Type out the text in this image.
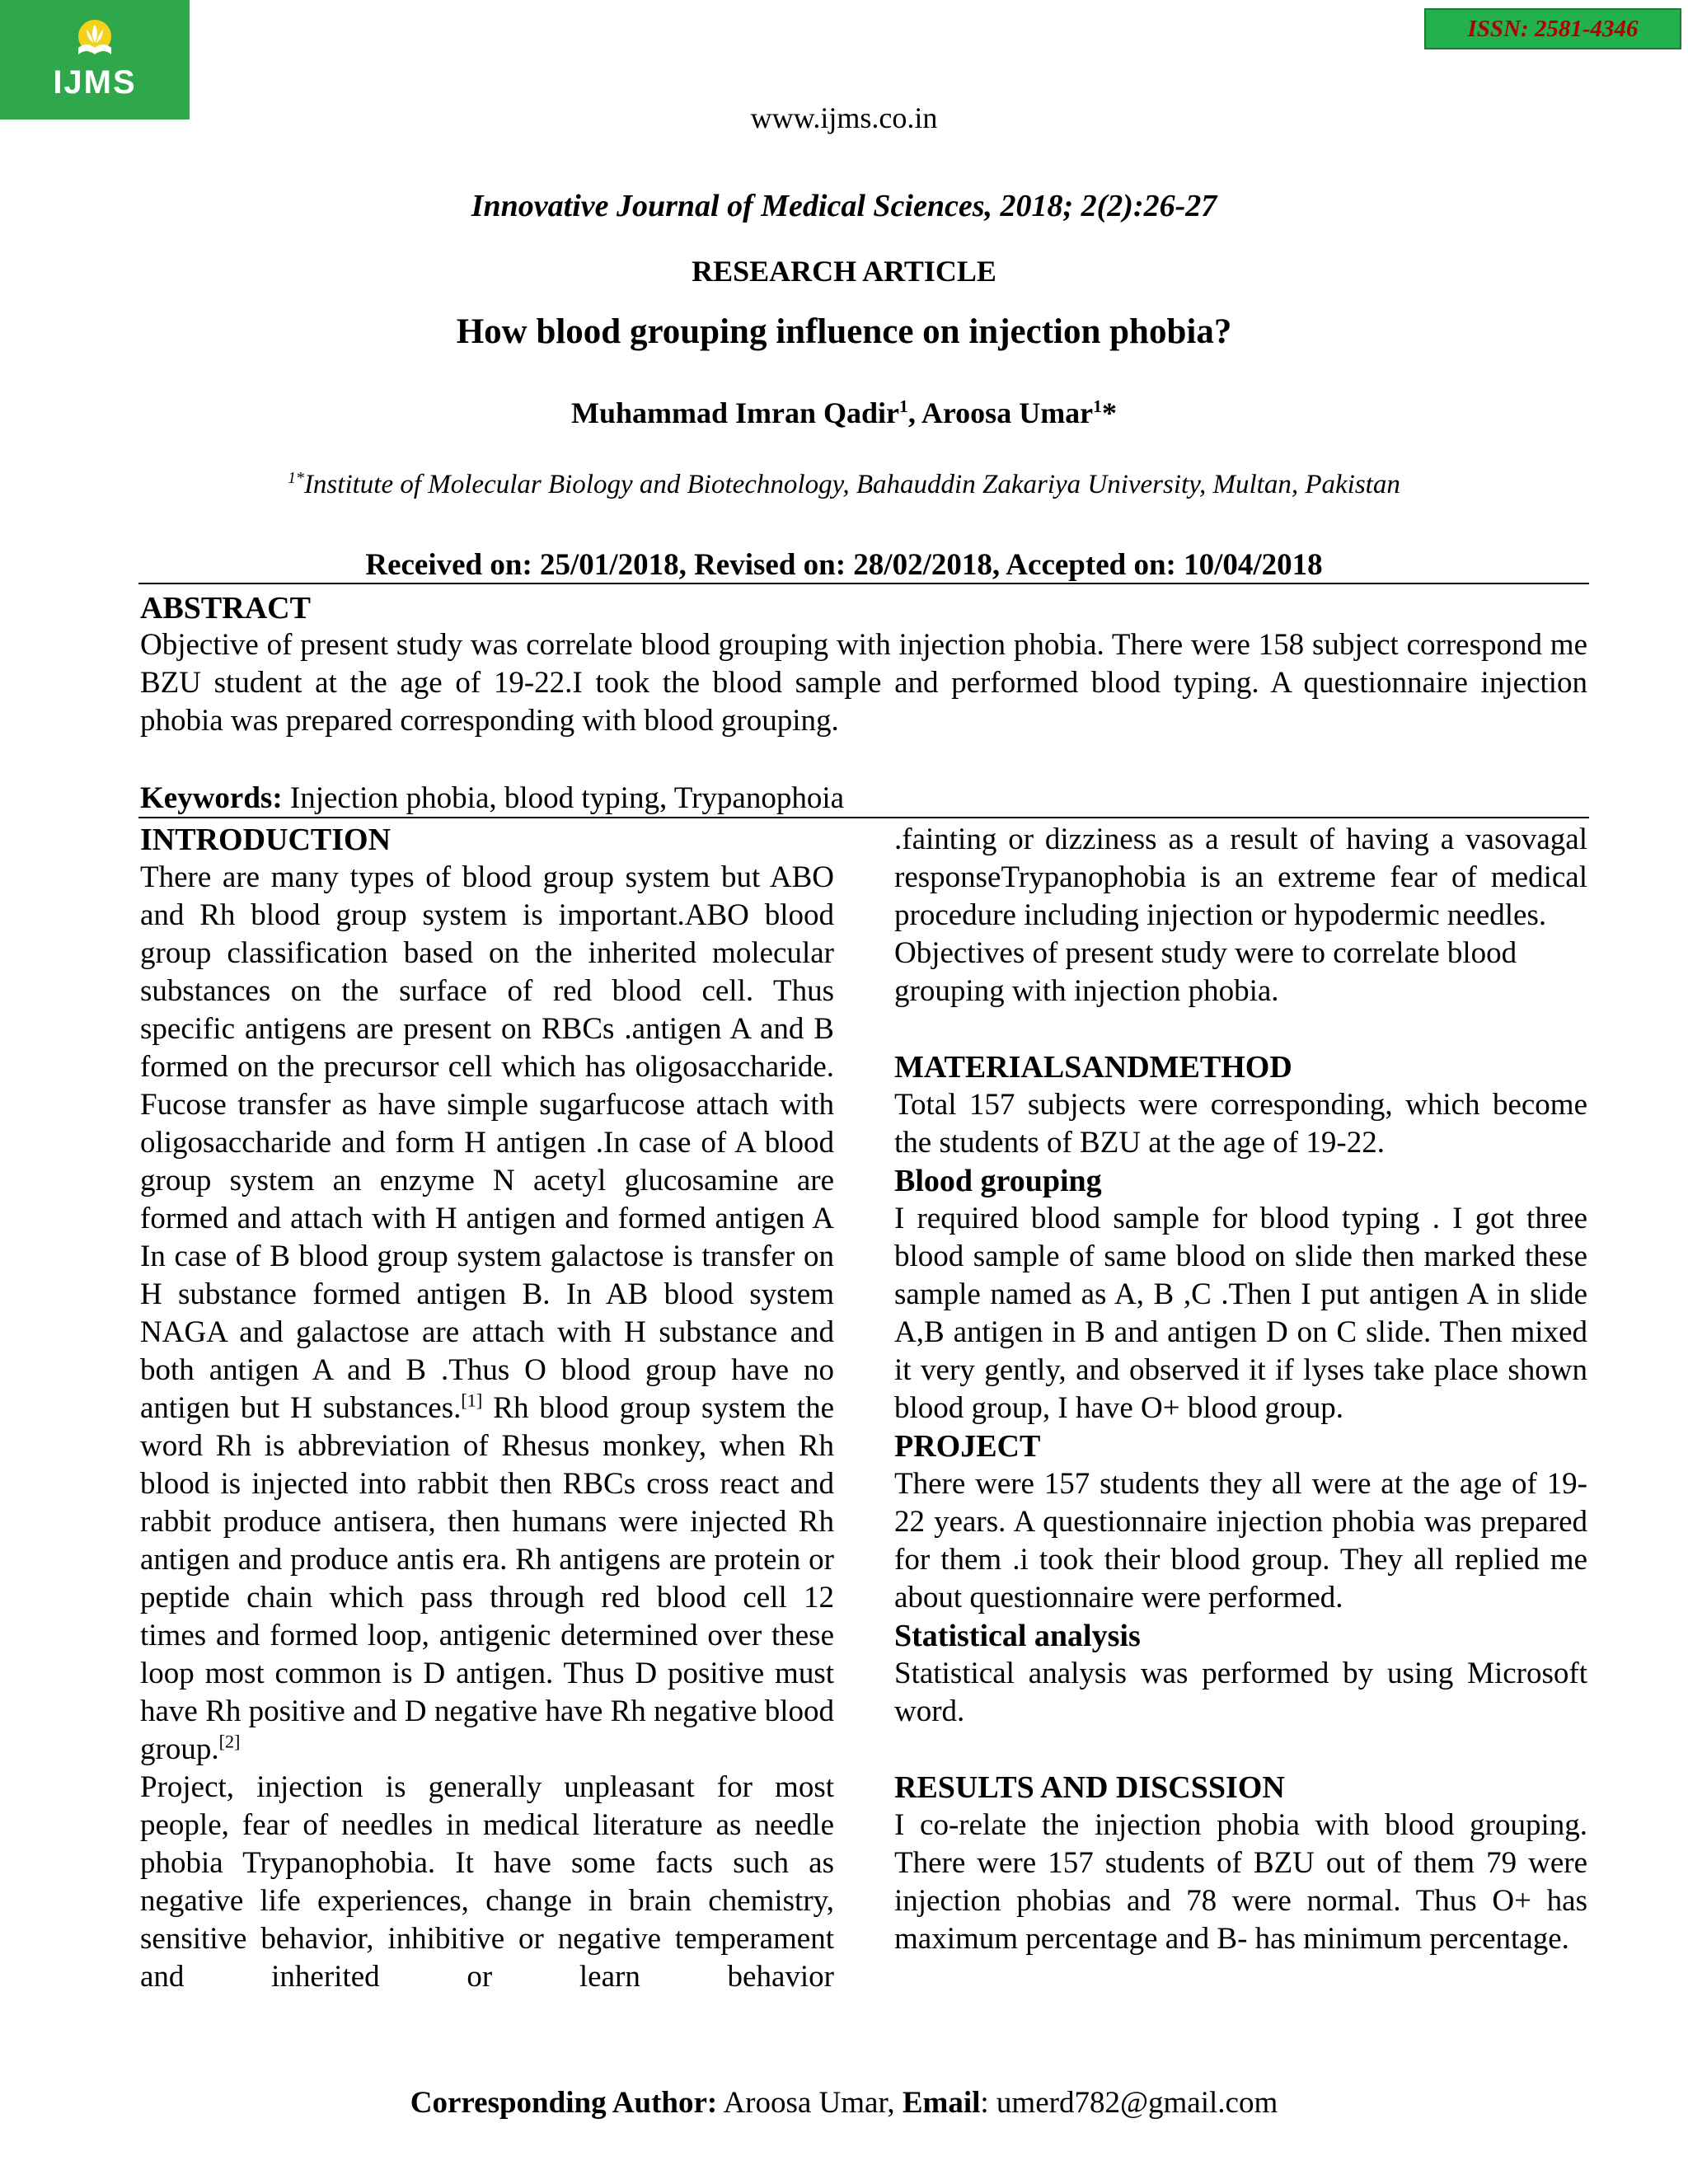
IJMS
ISSN: 2581-4346
www.ijms.co.in
Innovative Journal of Medical Sciences, 2018; 2(2):26-27
RESEARCH ARTICLE
How blood grouping influence on injection phobia?
Muhammad Imran Qadir$^1$, Aroosa Umar$^1$*
$^{1*}$Institute of Molecular Biology and Biotechnology, Bahauddin Zakariya University, Multan, Pakistan
Received on: 25/01/2018, Revised on: 28/02/2018, Accepted on: 10/04/2018
ABSTRACT
Objective of present study was correlate blood grouping with injection phobia. There were 158 subject correspond me BZU student at the age of 19-22.I took the blood sample and performed blood typing. A questionnaire injection phobia was prepared corresponding with blood grouping.
Keywords: Injection phobia, blood typing, Trypanophoia
INTRODUCTION

There are many types of blood group system but ABO and Rh blood group system is important.ABO blood group classification based on the inherited molecular substances on the surface of red blood cell. Thus specific antigens are present on RBCs .antigen A and B formed on the precursor cell which has oligosaccharide. Fucose transfer as have simple sugarfucose attach with oligosaccharide and form H antigen .In case of A blood group system an enzyme N acetyl glucosamine are formed and attach with H antigen and formed antigen A In case of B blood group system galactose is transfer on H substance formed antigen B. In AB blood system NAGA and galactose are attach with H substance and both antigen A and B .Thus O blood group have no antigen but H substances.[1] Rh blood group system the word Rh is abbreviation of Rhesus monkey, when Rh blood is injected into rabbit then RBCs cross react and rabbit produce antisera, then humans were injected Rh antigen and produce antis era. Rh antigens are protein or peptide chain which pass through red blood cell 12 times and formed loop, antigenic determined over these loop most common is D antigen. Thus D positive must have Rh positive and D negative have Rh negative blood group.[2]

Project, injection is generally unpleasant for most people, fear of needles in medical literature as needle phobia Trypanophobia. It have some facts such as negative life experiences, change in brain chemistry, sensitive behavior, inhibitive or negative temperament and inherited or learn behavior

.fainting or dizziness as a result of having a vasovagal responseTrypanophobia is an extreme fear of medical procedure including injection or hypodermic needles.

Objectives of present study were to correlate blood grouping with injection phobia.

MATERIALSANDMETHOD

Total 157 subjects were corresponding, which become the students of BZU at the age of 19-22.

Blood grouping

I required blood sample for blood typing . I got three blood sample of same blood on slide then marked these sample named as A, B ,C .Then I put antigen A in slide A,B antigen in B and antigen D on C slide. Then mixed it very gently, and observed it if lyses take place shown blood group, I have O+ blood group.

PROJECT

There were 157 students they all were at the age of 19-22 years. A questionnaire injection phobia was prepared for them .i took their blood group. They all replied me about questionnaire were performed.

Statistical analysis

Statistical analysis was performed by using Microsoft word.

RESULTS AND DISCSSION

I co-relate the injection phobia with blood grouping. There were 157 students of BZU out of them 79 were injection phobias and 78 were normal. Thus O+ has maximum percentage and B- has minimum percentage.

Corresponding Author: Aroosa Umar, Email: umerd782@gmail.com
